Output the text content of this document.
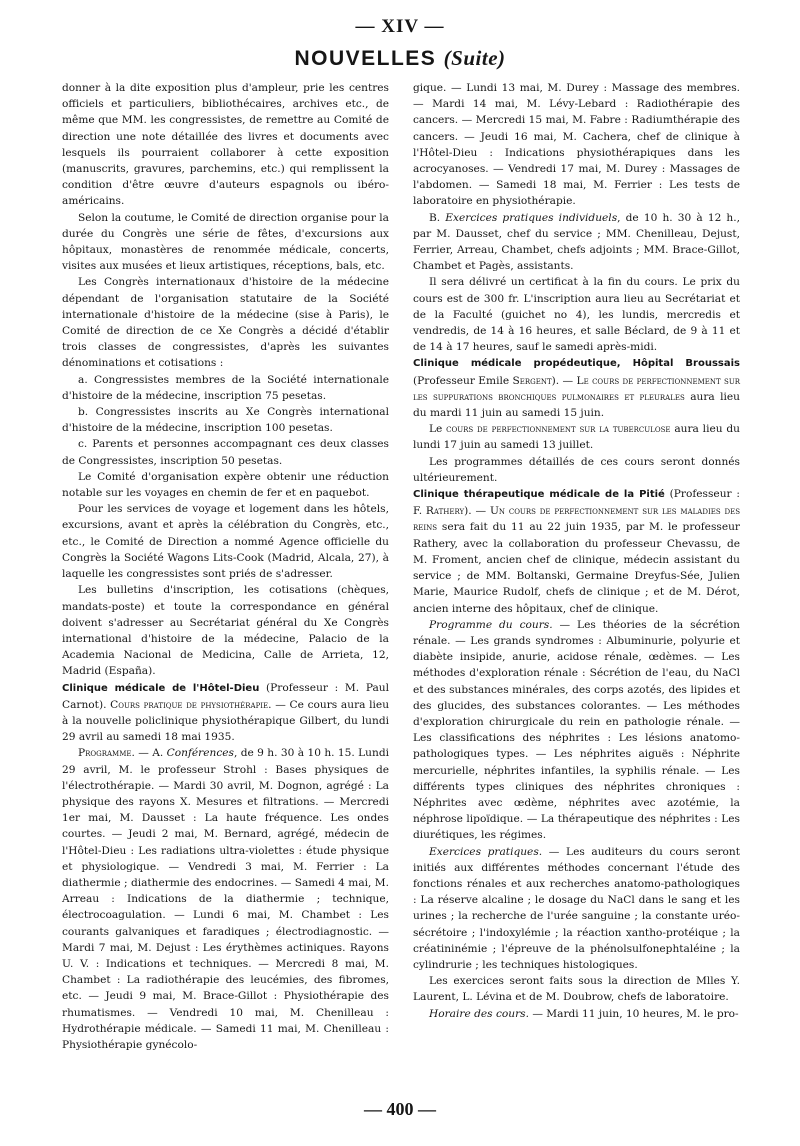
— XIV —
NOUVELLES (Suite)

donner à la dite exposition plus d'ampleur, prie les centres officiels et particuliers, bibliothécaires, archives etc., de même que MM. les congressistes, de remettre au Comité de direction une note détaillée des livres et documents avec lesquels ils pourraient collaborer à cette exposition (manuscrits, gravures, parchemins, etc.) qui remplissent la condition d'être œuvre d'auteurs espagnols ou ibéro-américains.

Selon la coutume, le Comité de direction organise pour la durée du Congrès une série de fêtes, d'excursions aux hôpitaux, monastères de renommée médicale, concerts, visites aux musées et lieux artistiques, réceptions, bals, etc.

Les Congrès internationaux d'histoire de la médecine dépendant de l'organisation statutaire de la Société internationale d'histoire de la médecine (sise à Paris), le Comité de direction de ce Xe Congrès a décidé d'établir trois classes de congressistes, d'après les suivantes dénominations et cotisations :

a. Congressistes membres de la Société internationale d'histoire de la médecine, inscription 75 pesetas.

b. Congressistes inscrits au Xe Congrès international d'histoire de la médecine, inscription 100 pesetas.

c. Parents et personnes accompagnant ces deux classes de Congressistes, inscription 50 pesetas.

Le Comité d'organisation expère obtenir une réduction notable sur les voyages en chemin de fer et en paquebot.

Pour les services de voyage et logement dans les hôtels, excursions, avant et après la célébration du Congrès, etc., etc., le Comité de Direction a nommé Agence officielle du Congrès la Société Wagons Lits-Cook (Madrid, Alcala, 27), à laquelle les congressistes sont priés de s'adresser.

Les bulletins d'inscription, les cotisations (chèques, mandats-poste) et toute la correspondance en général doivent s'adresser au Secrétariat général du Xe Congrès international d'histoire de la médecine, Palacio de la Academia Nacional de Medicina, Calle de Arrieta, 12, Madrid (España).

Clinique médicale de l'Hôtel-Dieu (Professeur : M. Paul Carnot). Cours pratique de physiothérapie. — Ce cours aura lieu à la nouvelle policlinique physiothérapique Gilbert, du lundi 29 avril au samedi 18 mai 1935.

Programme. — A. Conférences, de 9 h. 30 à 10 h. 15. Lundi 29 avril, M. le professeur Strohl : Bases physiques de l'électrothérapie. — Mardi 30 avril, M. Dognon, agrégé : La physique des rayons X. Mesures et filtrations. — Mercredi 1er mai, M. Dausset : La haute fréquence. Les ondes courtes. — Jeudi 2 mai, M. Bernard, agrégé, médecin de l'Hôtel-Dieu : Les radiations ultra-violettes : étude physique et physiologique. — Vendredi 3 mai, M. Ferrier : La diathermie ; diathermie des endocrines. — Samedi 4 mai, M. Arreau : Indications de la diathermie ; technique, électrocoagulation. — Lundi 6 mai, M. Chambet : Les courants galvaniques et faradiques ; électrodiagnostic. — Mardi 7 mai, M. Dejust : Les érythèmes actiniques. Rayons U. V. : Indications et techniques. — Mercredi 8 mai, M. Chambet : La radiothérapie des leucémies, des fibromes, etc. — Jeudi 9 mai, M. Brace-Gillot : Physiothérapie des rhumatismes. — Vendredi 10 mai, M. Chenilleau : Hydrothérapie médicale. — Samedi 11 mai, M. Chenilleau : Physiothérapie gynécolo-

gique. — Lundi 13 mai, M. Durey : Massage des membres. — Mardi 14 mai, M. Lévy-Lebard : Radiothérapie des cancers. — Mercredi 15 mai, M. Fabre : Radiumthérapie des cancers. — Jeudi 16 mai, M. Cachera, chef de clinique à l'Hôtel-Dieu : Indications physiothérapiques dans les acrocyanoses. — Vendredi 17 mai, M. Durey : Massages de l'abdomen. — Samedi 18 mai, M. Ferrier : Les tests de laboratoire en physiothérapie.

B. Exercices pratiques individuels, de 10 h. 30 à 12 h., par M. Dausset, chef du service ; MM. Chenilleau, Dejust, Ferrier, Arreau, Chambet, chefs adjoints ; MM. Brace-Gillot, Chambet et Pagès, assistants.

Il sera délivré un certificat à la fin du cours. Le prix du cours est de 300 fr. L'inscription aura lieu au Secrétariat et de la Faculté (guichet no 4), les lundis, mercredis et vendredis, de 14 à 16 heures, et salle Béclard, de 9 à 11 et de 14 à 17 heures, sauf le samedi après-midi.

Clinique médicale propédeutique, Hôpital Broussais (Professeur Emile Sergent). — Le cours de perfectionnement sur les suppurations bronchiques pulmonaires et pleurales aura lieu du mardi 11 juin au samedi 15 juin.

Le cours de perfectionnement sur la tuberculose aura lieu du lundi 17 juin au samedi 13 juillet.

Les programmes détaillés de ces cours seront donnés ultérieurement.

Clinique thérapeutique médicale de la Pitié (Professeur : F. Rathery). — Un cours de perfectionnement sur les maladies des reins sera fait du 11 au 22 juin 1935, par M. le professeur Rathery, avec la collaboration du professeur Chevassu, de M. Froment, ancien chef de clinique, médecin assistant du service ; de MM. Boltanski, Germaine Dreyfus-Sée, Julien Marie, Maurice Rudolf, chefs de clinique ; et de M. Dérot, ancien interne des hôpitaux, chef de clinique.

Programme du cours. — Les théories de la sécrétion rénale. — Les grands syndromes : Albuminurie, polyurie et diabète insipide, anurie, acidose rénale, œdèmes. — Les méthodes d'exploration rénale : Sécrétion de l'eau, du NaCl et des substances minérales, des corps azotés, des lipides et des glucides, des substances colorantes. — Les méthodes d'exploration chirurgicale du rein en pathologie rénale. — Les classifications des néphrites : Les lésions anatomo-pathologiques types. — Les néphrites aiguës : Néphrite mercurielle, néphrites infantiles, la syphilis rénale. — Les différents types cliniques des néphrites chroniques : Néphrites avec œdème, néphrites avec azotémie, la néphrose lipoïdique. — La thérapeutique des néphrites : Les diurétiques, les régimes.

Exercices pratiques. — Les auditeurs du cours seront initiés aux différentes méthodes concernant l'étude des fonctions rénales et aux recherches anatomo-pathologiques : La réserve alcaline ; le dosage du NaCl dans le sang et les urines ; la recherche de l'urée sanguine ; la constante uréo-sécrétoire ; l'indoxylémie ; la réaction xantho-protéique ; la créatininémie ; l'épreuve de la phénolsulfonephtaléine ; la cylindrurie ; les techniques histologiques.

Les exercices seront faits sous la direction de Mlles Y. Laurent, L. Lévina et de M. Doubrow, chefs de laboratoire.

Horaire des cours. — Mardi 11 juin, 10 heures, M. le pro-

— 400 —
